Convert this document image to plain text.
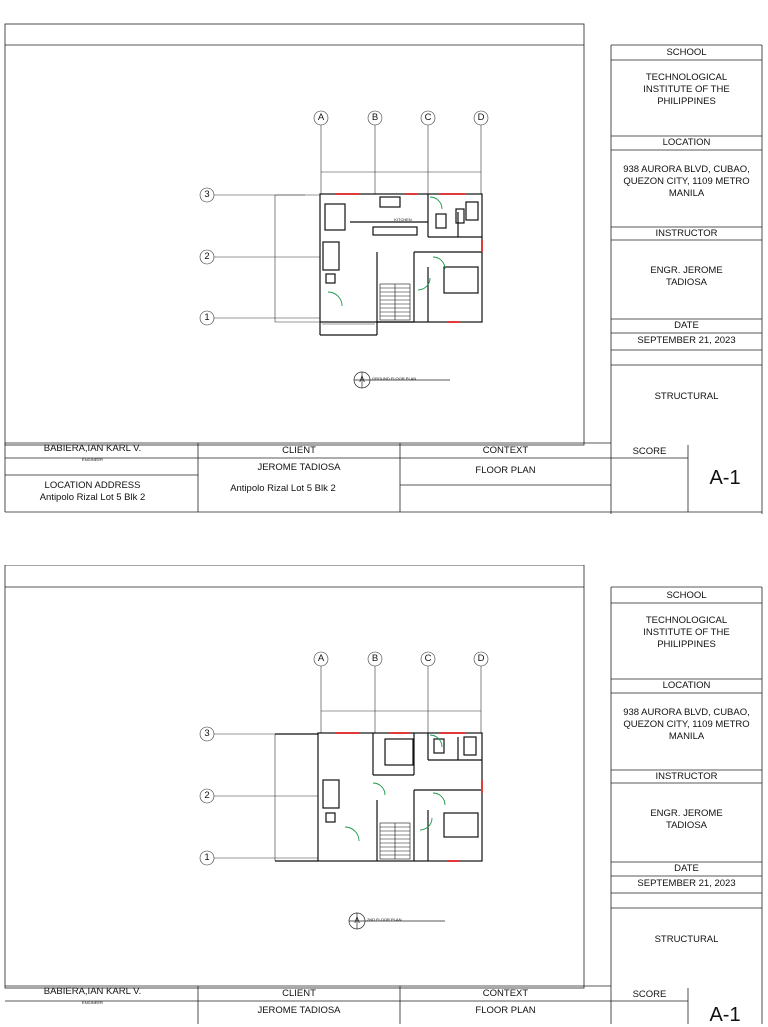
A	B	C	D
3
2
1
KITCHEN
A	GROUND FLOOR PLAN
SCHOOL
TECHNOLOGICAL INSTITUTE OF THE PHILIPPINES
LOCATION
938 AURORA BLVD, CUBAO, QUEZON CITY, 1109 METRO MANILA
INSTRUCTOR
ENGR. JEROME TADIOSA
DATE
SEPTEMBER 21, 2023
STRUCTURAL
BABIERA,IAN KARL V.
ENGINEER
LOCATION ADDRESS
Antipolo Rizal Lot 5 Blk 2
CLIENT
JEROME TADIOSA
Antipolo Rizal Lot 5 Blk 2
CONTEXT
FLOOR PLAN
SCORE
A-1
A	B	C	D
3
2
1
A	2ND FLOOR PLAN
SCHOOL
TECHNOLOGICAL INSTITUTE OF THE PHILIPPINES
LOCATION
938 AURORA BLVD, CUBAO, QUEZON CITY, 1109 METRO MANILA
INSTRUCTOR
ENGR. JEROME TADIOSA
DATE
SEPTEMBER 21, 2023
STRUCTURAL
BABIERA,IAN KARL V.
ENGINEER
CLIENT
JEROME TADIOSA
CONTEXT
FLOOR PLAN
SCORE
A-1
